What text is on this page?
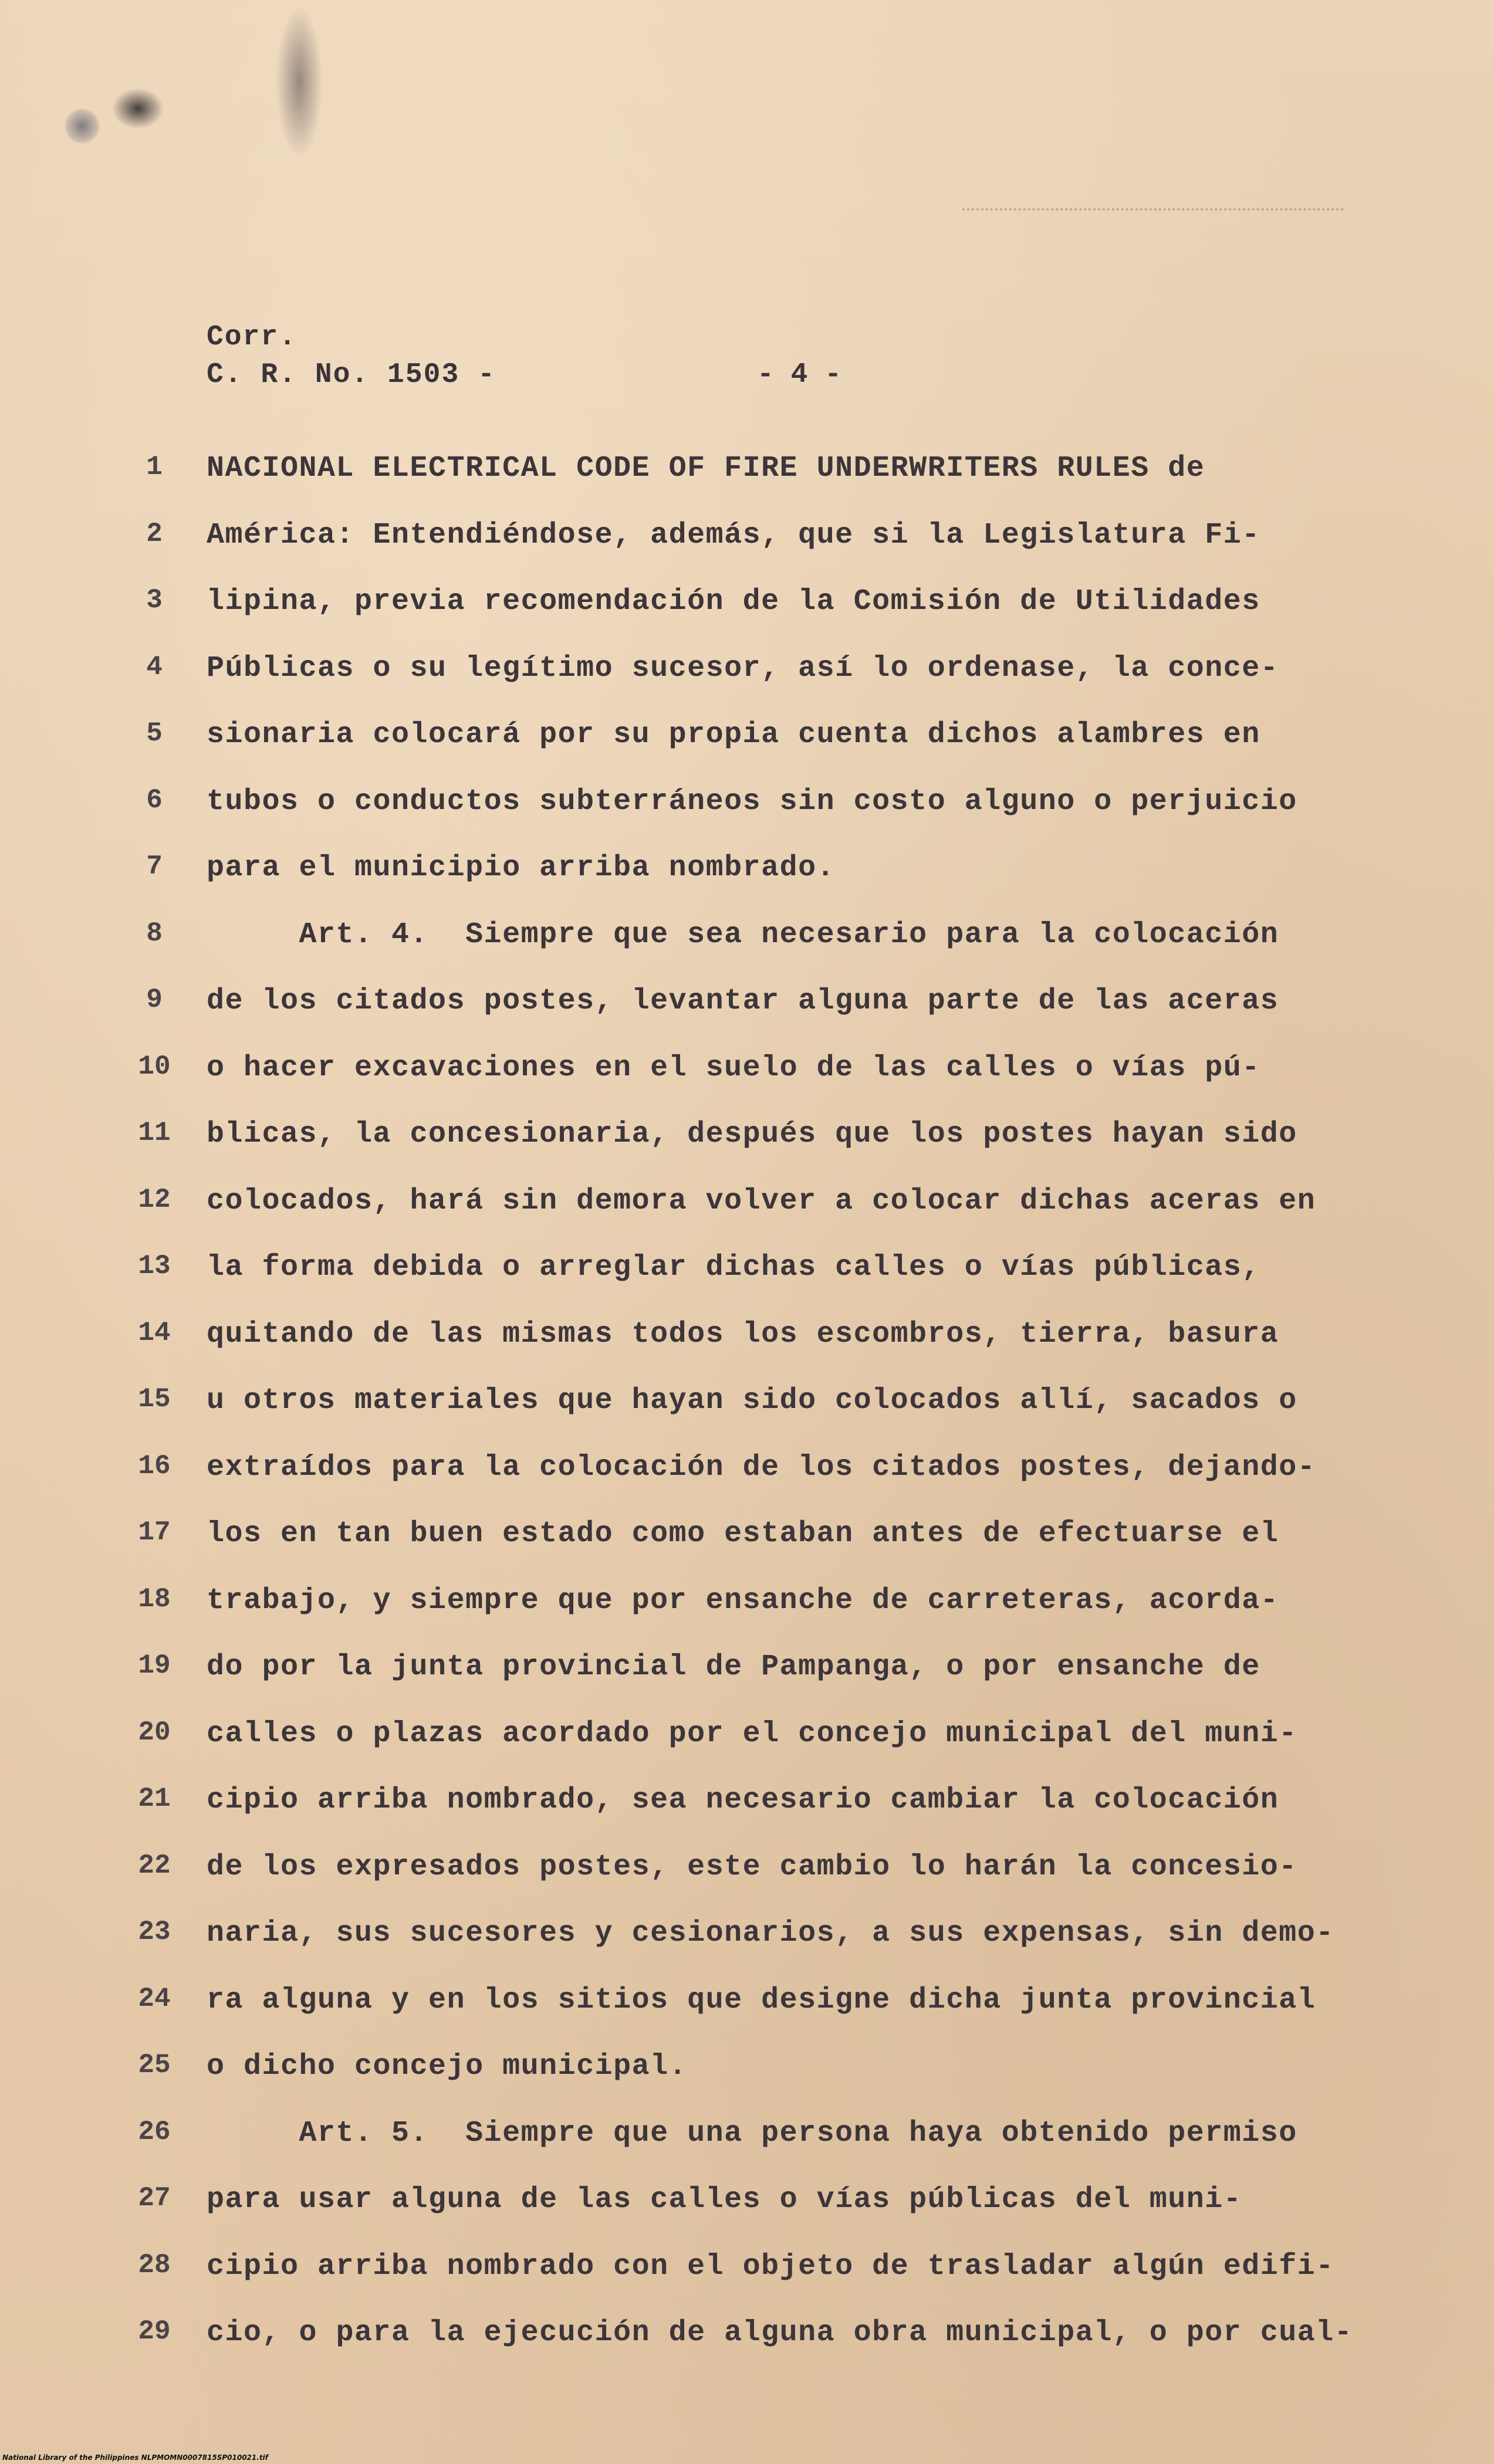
Corr.
C. R. No. 1503 -	- 4 -
1	NACIONAL ELECTRICAL CODE OF FIRE UNDERWRITERS RULES de
2	América: Entendiéndose, además, que si la Legislatura Fi-
3	lipina, previa recomendación de la Comisión de Utilidades
4	Públicas o su legítimo sucesor, así lo ordenase, la conce-
5	sionaria colocará por su propia cuenta dichos alambres en
6	tubos o conductos subterráneos sin costo alguno o perjuicio
7	para el municipio arriba nombrado.
8	Art. 4.  Siempre que sea necesario para la colocación
9	de los citados postes, levantar alguna parte de las aceras
10 o hacer excavaciones en el suelo de las calles o vías pú-
11 blicas, la concesionaria, después que los postes hayan sido
12 colocados, hará sin demora volver a colocar dichas aceras en
13 la forma debida o arreglar dichas calles o vías públicas,
14 quitando de las mismas todos los escombros, tierra, basura
15 u otros materiales que hayan sido colocados allí, sacados o
16 extraídos para la colocación de los citados postes, dejando-
17 los en tan buen estado como estaban antes de efectuarse el
18 trabajo, y siempre que por ensanche de carreteras, acorda-
19 do por la junta provincial de Pampanga, o por ensanche de
20 calles o plazas acordado por el concejo municipal del muni-
21 cipio arriba nombrado, sea necesario cambiar la colocación
22 de los expresados postes, este cambio lo harán la concesio-
23 naria, sus sucesores y cesionarios, a sus expensas, sin demo-
24 ra alguna y en los sitios que designe dicha junta provincial
25 o dicho concejo municipal.
26 Art. 5.  Siempre que una persona haya obtenido permiso
27 para usar alguna de las calles o vías públicas del muni-
28 cipio arriba nombrado con el objeto de trasladar algún edifi-
29 cio, o para la ejecución de alguna obra municipal, o por cual-
National Library of the Philippines NLPMOMN0007815SP010021.tif
